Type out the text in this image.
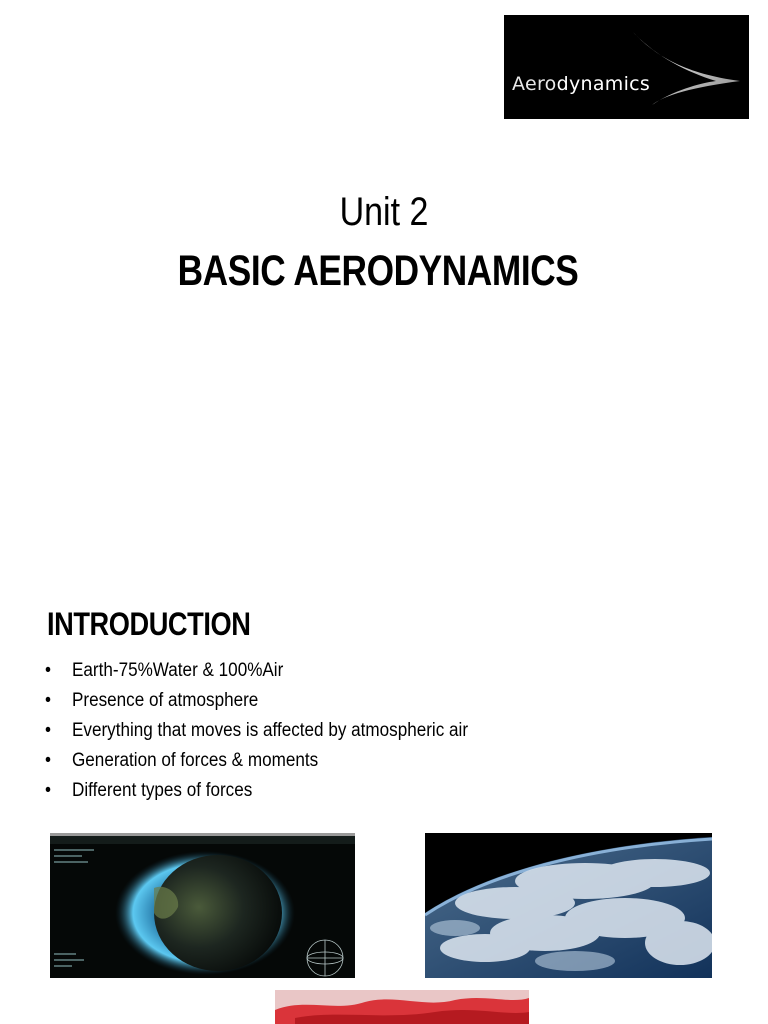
Aerodynamics
Unit 2
BASIC AERODYNAMICS
INTRODUCTION
• Earth-75%Water & 100%Air
• Presence of atmosphere
• Everything that moves is affected by atmospheric air
• Generation of forces & moments
• Different types of forces
